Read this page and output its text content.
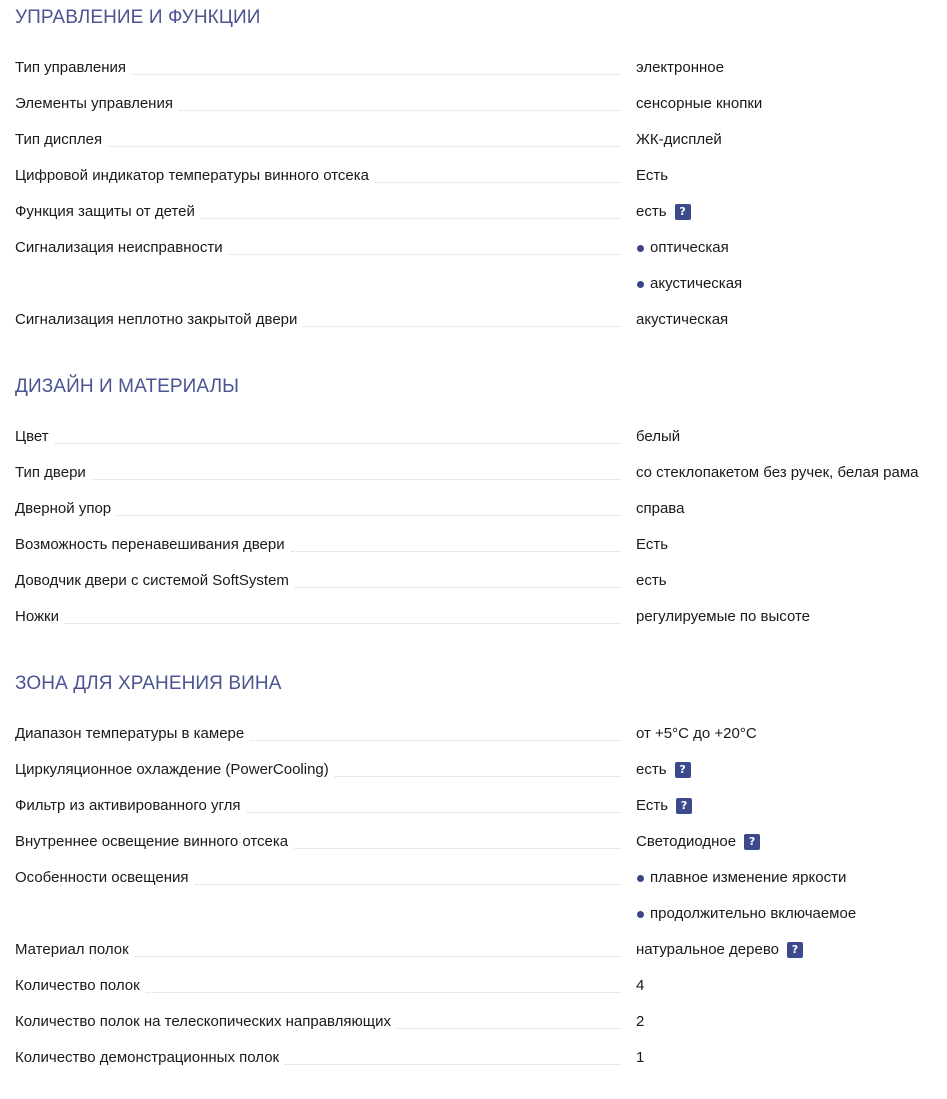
УПРАВЛЕНИЕ И ФУНКЦИИ
Тип управления	электронное
Элементы управления	сенсорные кнопки
Тип дисплея	ЖК-дисплей
Цифровой индикатор температуры винного отсека	Есть
Функция защиты от детей	есть	?
Сигнализация неисправности	оптическая
акустическая
Сигнализация неплотно закрытой двери	акустическая
ДИЗАЙН И МАТЕРИАЛЫ
Цвет	белый
Тип двери	со стеклопакетом без ручек, белая рама
Дверной упор	справа
Возможность перенавешивания двери	Есть
Доводчик двери с системой SoftSystem	есть
Ножки	регулируемые по высоте
ЗОНА ДЛЯ ХРАНЕНИЯ ВИНА
Диапазон температуры в камере	от +5°C до +20°C
Циркуляционное охлаждение (PowerCooling)	есть	?
Фильтр из активированного угля	Есть	?
Внутреннее освещение винного отсека	Светодиодное	?
Особенности освещения	плавное изменение яркости
продолжительно включаемое
Материал полок	натуральное дерево	?
Количество полок	4
Количество полок на телескопических направляющих	2
Количество демонстрационных полок	1
